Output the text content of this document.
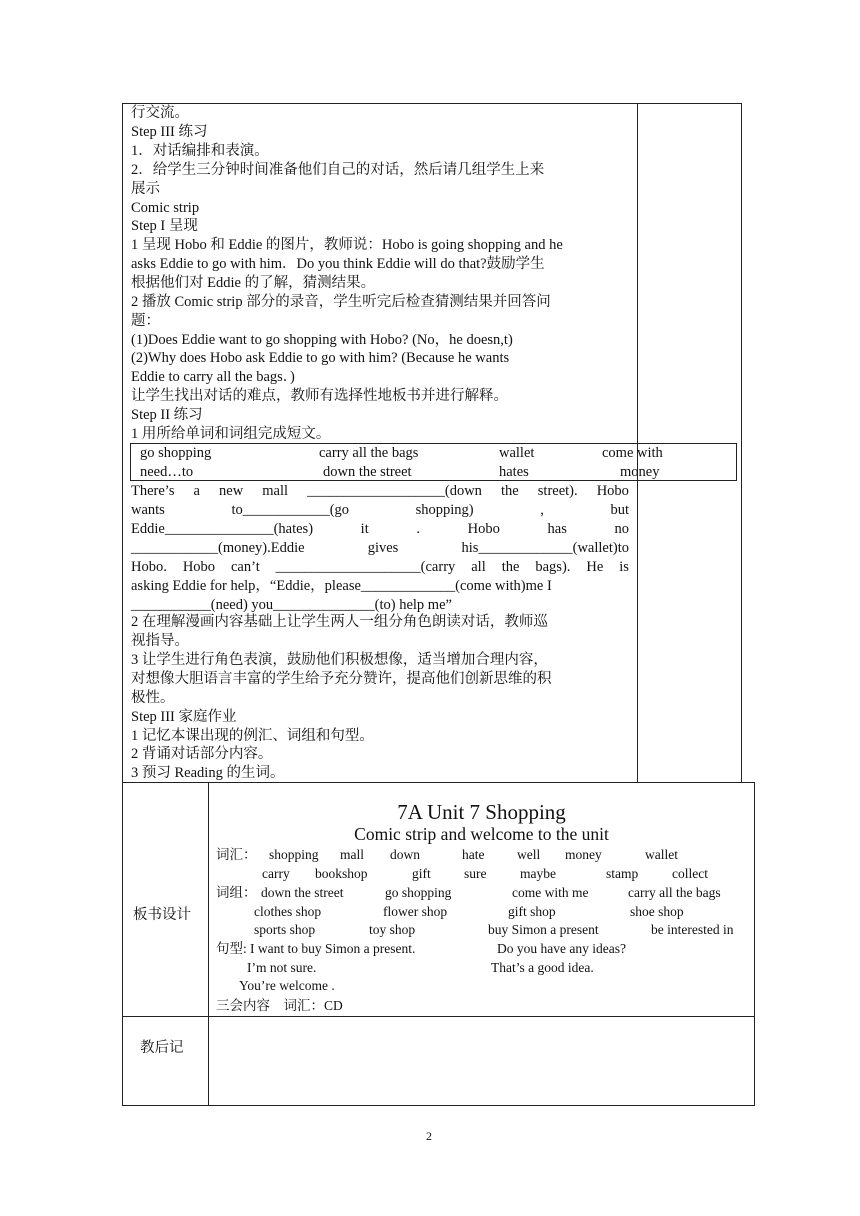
行交流。
Step III 练习
1．对话编排和表演。
2．给学生三分钟时间准备他们自己的对话，然后请几组学生上来
展示
Comic strip
Step I 呈现
1 呈现 Hobo 和 Eddie 的图片，教师说：Hobo is going shopping and he
asks Eddie to go with him．Do you think Eddie will do that?鼓励学生
根据他们对 Eddie 的了解，猜测结果。
2 播放 Comic strip 部分的录音，学生听完后检查猜测结果并回答问
题：
(1)Does Eddie want to go shopping with Hobo? (No，he doesn,t)
(2)Why does Hobo ask Eddie to go with him? (Because he wants
Eddie to carry all the bags．)
让学生找出对话的难点，教师有选择性地板书并进行解释。
Step II 练习
1 用所给单词和词组完成短文。
go shopping	carry all the bags	wallet	come with
need…to	down the street	hates	money
There’s a new mall ___________________(down the street). Hobo
wants	to____________(go	shopping)	,	but
Eddie_______________(hates)	it	.	Hobo	has	no
____________(money).Eddie	gives	his_____________(wallet)to
Hobo. Hobo can’t ____________________(carry all the bags). He is
asking Eddie for help，“Eddie，please_____________(come with)me I
___________(need) you______________(to) help me”
2 在理解漫画内容基础上让学生两人一组分角色朗读对话，教师巡
视指导。
3 让学生进行角色表演，鼓励他们积极想像，适当增加合理内容，
对想像大胆语言丰富的学生给予充分赞许，提高他们创新思维的积
极性。
Step III 家庭作业
1 记忆本课出现的例汇、词组和句型。
2 背诵对话部分内容。
3 预习 Reading 的生词。
板书设计
7A Unit 7 Shopping
Comic strip and welcome to the unit
词汇： shopping mall down	hate well money	wallet
carry bookshop	gift sure maybe	stamp	collect
词组： down the street	go shopping	come with me	carry all the bags
clothes shop	flower shop	gift shop	shoe shop
sports shop	toy shop	buy Simon a present	be interested in
句型: I want to buy Simon a present.	Do you have any ideas?
I’m not sure.	That’s a good idea.
You’re welcome .
三会内容　词汇：CD
教后记
2
